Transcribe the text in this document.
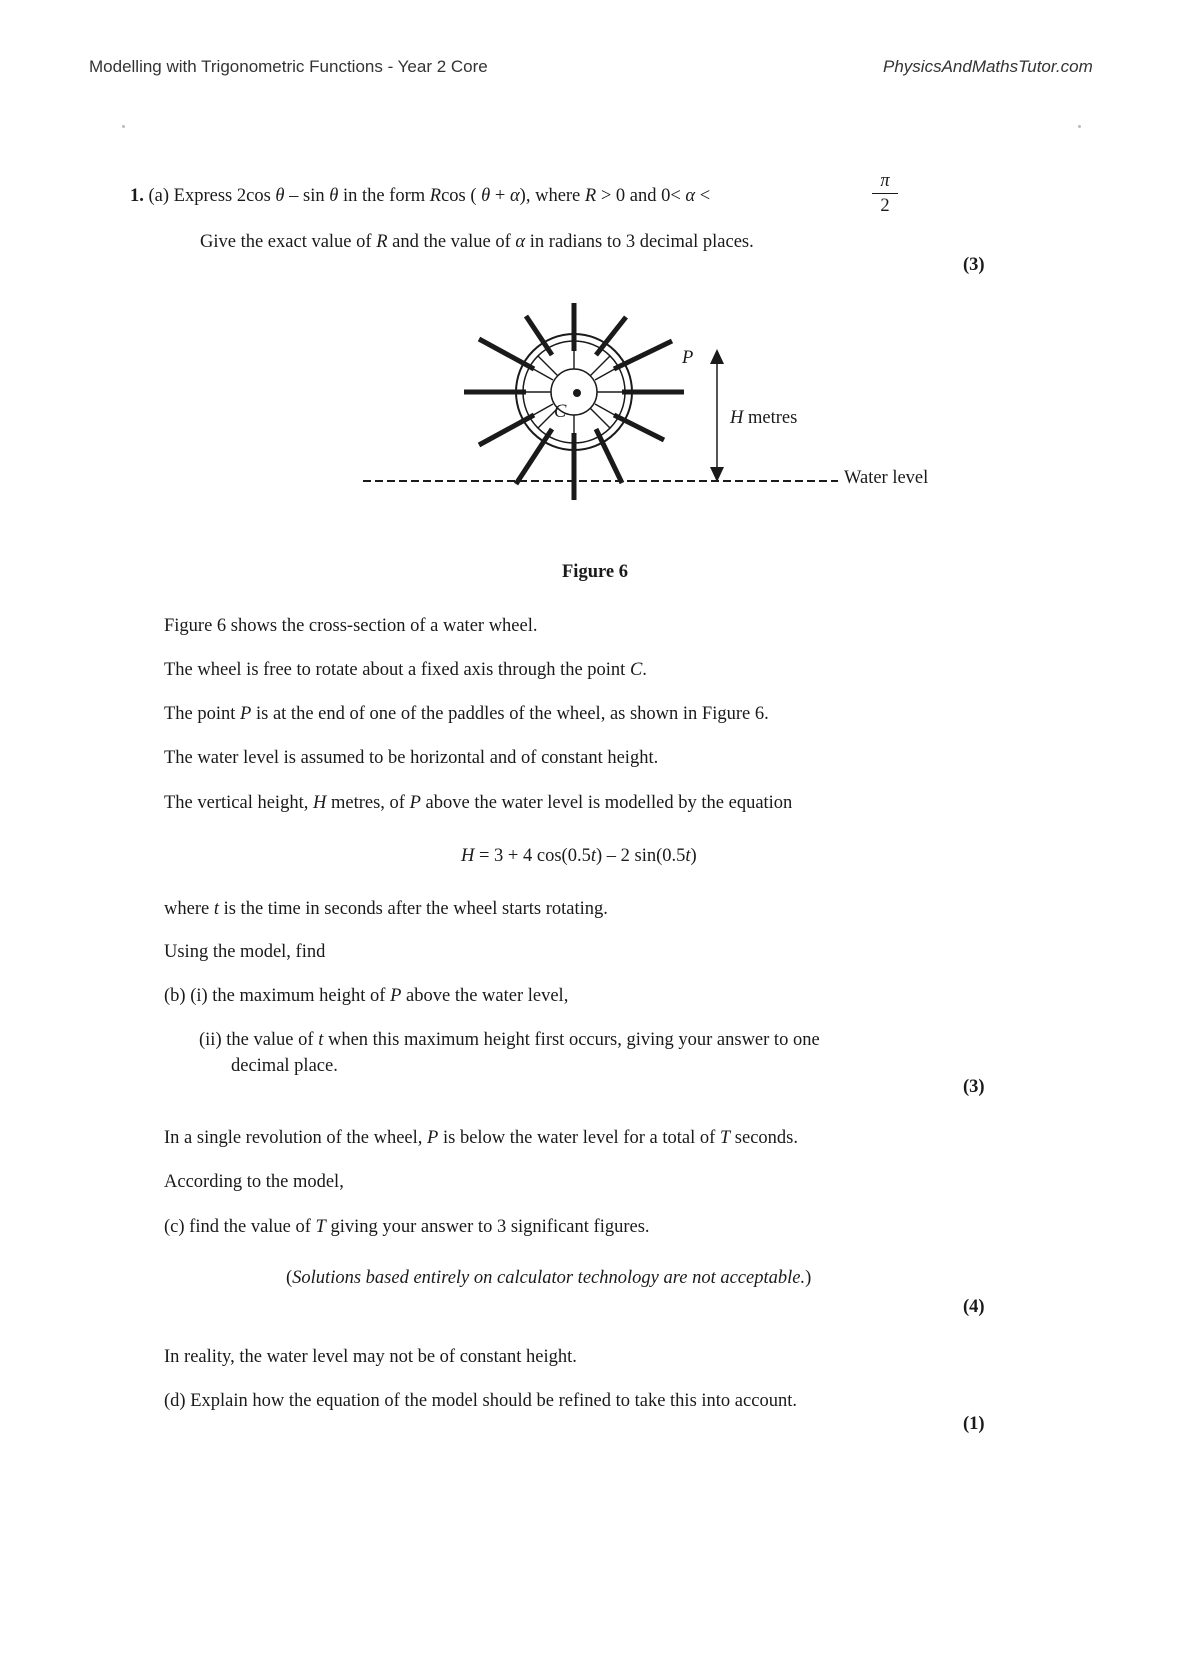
Modelling with Trigonometric Functions - Year 2 Core	PhysicsAndMathsTutor.com
1. (a) Express 2cos θ – sin θ in the form Rcos ( θ + α), where R > 0 and 0< α <
π
2
Give the exact value of R and the value of α in radians to 3 decimal places.
(3)
P
C	H metres
Water level
Figure 6
Figure 6 shows the cross-section of a water wheel.
The wheel is free to rotate about a fixed axis through the point C.
The point P is at the end of one of the paddles of the wheel, as shown in Figure 6.
The water level is assumed to be horizontal and of constant height.
The vertical height, H metres, of P above the water level is modelled by the equation
H = 3 + 4 cos(0.5t) – 2 sin(0.5t)
where t is the time in seconds after the wheel starts rotating.
Using the model, find
(b) (i) the maximum height of P above the water level,
(ii) the value of t when this maximum height first occurs, giving your answer to one
decimal place.
(3)
In a single revolution of the wheel, P is below the water level for a total of T seconds.
According to the model,
(c) find the value of T giving your answer to 3 significant figures.
(Solutions based entirely on calculator technology are not acceptable.)
(4)
In reality, the water level may not be of constant height.
(d) Explain how the equation of the model should be refined to take this into account.
(1)
